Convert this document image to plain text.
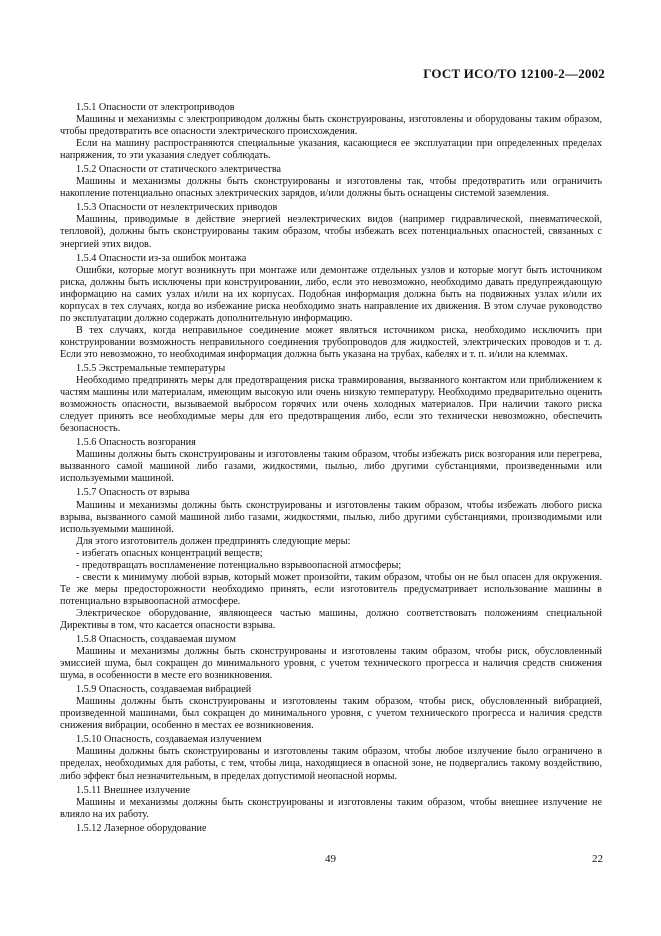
ГОСТ ИСО/ТО 12100-2—2002

1.5.1 Опасности от электроприводов

Машины и механизмы с электроприводом должны быть сконструированы, изготовлены и оборудованы таким образом, чтобы предотвратить все опасности электрического происхождения.

Если на машину распространяются специальные указания, касающиеся ее эксплуатации при определенных пределах напряжения, то эти указания следует соблюдать.

1.5.2 Опасности от статического электричества

Машины и механизмы должны быть сконструированы и изготовлены так, чтобы предотвратить или ограничить накопление потенциально опасных электрических зарядов, и/или должны быть оснащены системой заземления.

1.5.3 Опасности от неэлектрических приводов

Машины, приводимые в действие энергией неэлектрических видов (например гидравлической, пневматической, тепловой), должны быть сконструированы таким образом, чтобы избежать всех потенциальных опасностей, связанных с энергией этих видов.

1.5.4 Опасности из-за ошибок монтажа

Ошибки, которые могут возникнуть при монтаже или демонтаже отдельных узлов и которые могут быть источником риска, должны быть исключены при конструировании, либо, если это невозможно, необходимо давать предупреждающую информацию на самих узлах и/или на их корпусах. Подобная информация должна быть на подвижных узлах и/или их корпусах в тех случаях, когда во избежание риска необходимо знать направление их движения. В этом случае руководство по эксплуатации должно содержать дополнительную информацию.

В тех случаях, когда неправильное соединение может являться источником риска, необходимо исключить при конструировании возможность неправильного соединения трубопроводов для жидкостей, электрических проводов и т. д. Если это невозможно, то необходимая информация должна быть указана на трубах, кабелях и т. п. и/или на клеммах.

1.5.5 Экстремальные температуры

Необходимо предпринять меры для предотвращения риска травмирования, вызванного контактом или приближением к частям машины или материалам, имеющим высокую или очень низкую температуру. Необходимо предварительно оценить возможность опасности, вызываемой выбросом горячих или очень холодных материалов. При наличии такого риска следует принять все необходимые меры для его предотвращения либо, если это технически невозможно, обеспечить безопасность.

1.5.6 Опасность возгорания

Машины должны быть сконструированы и изготовлены таким образом, чтобы избежать риск возгорания или перегрева, вызванного самой машиной либо газами, жидкостями, пылью, либо другими субстанциями, произведенными или используемыми машиной.

1.5.7 Опасность от взрыва

Машины и механизмы должны быть сконструированы и изготовлены таким образом, чтобы избежать любого риска взрыва, вызванного самой машиной либо газами, жидкостями, пылью, либо другими субстанциями, производимыми или используемыми машиной.

Для этого изготовитель должен предпринять следующие меры:

- избегать опасных концентраций веществ;

- предотвращать воспламенение потенциально взрывоопасной атмосферы;

- свести к минимуму любой взрыв, который может произойти, таким образом, чтобы он не был опасен для окружения. Те же меры предосторожности необходимо принять, если изготовитель предусматривает использование машины в потенциально взрывоопасной атмосфере.

Электрическое оборудование, являющееся частью машины, должно соответствовать положениям специальной Директивы в том, что касается опасности взрыва.

1.5.8 Опасность, создаваемая шумом

Машины и механизмы должны быть сконструированы и изготовлены таким образом, чтобы риск, обусловленный эмиссией шума, был сокращен до минимального уровня, с учетом технического прогресса и наличия средств снижения шума, в особенности в месте его возникновения.

1.5.9 Опасность, создаваемая вибрацией

Машины должны быть сконструированы и изготовлены таким образом, чтобы риск, обусловленный вибрацией, произведенной машинами, был сокращен до минимального уровня, с учетом технического прогресса и наличия средств снижения вибрации, особенно в местах ее возникновения.

1.5.10 Опасность, создаваемая излучением

Машины должны быть сконструированы и изготовлены таким образом, чтобы любое излучение было ограничено в пределах, необходимых для работы, с тем, чтобы лица, находящиеся в опасной зоне, не подвергались такому воздействию, либо эффект был незначительным, в пределах допустимой неопасной нормы.

1.5.11 Внешнее излучение

Машины и механизмы должны быть сконструированы и изготовлены таким образом, чтобы внешнее излучение не влияло на их работу.

1.5.12 Лазерное оборудование

49	22
